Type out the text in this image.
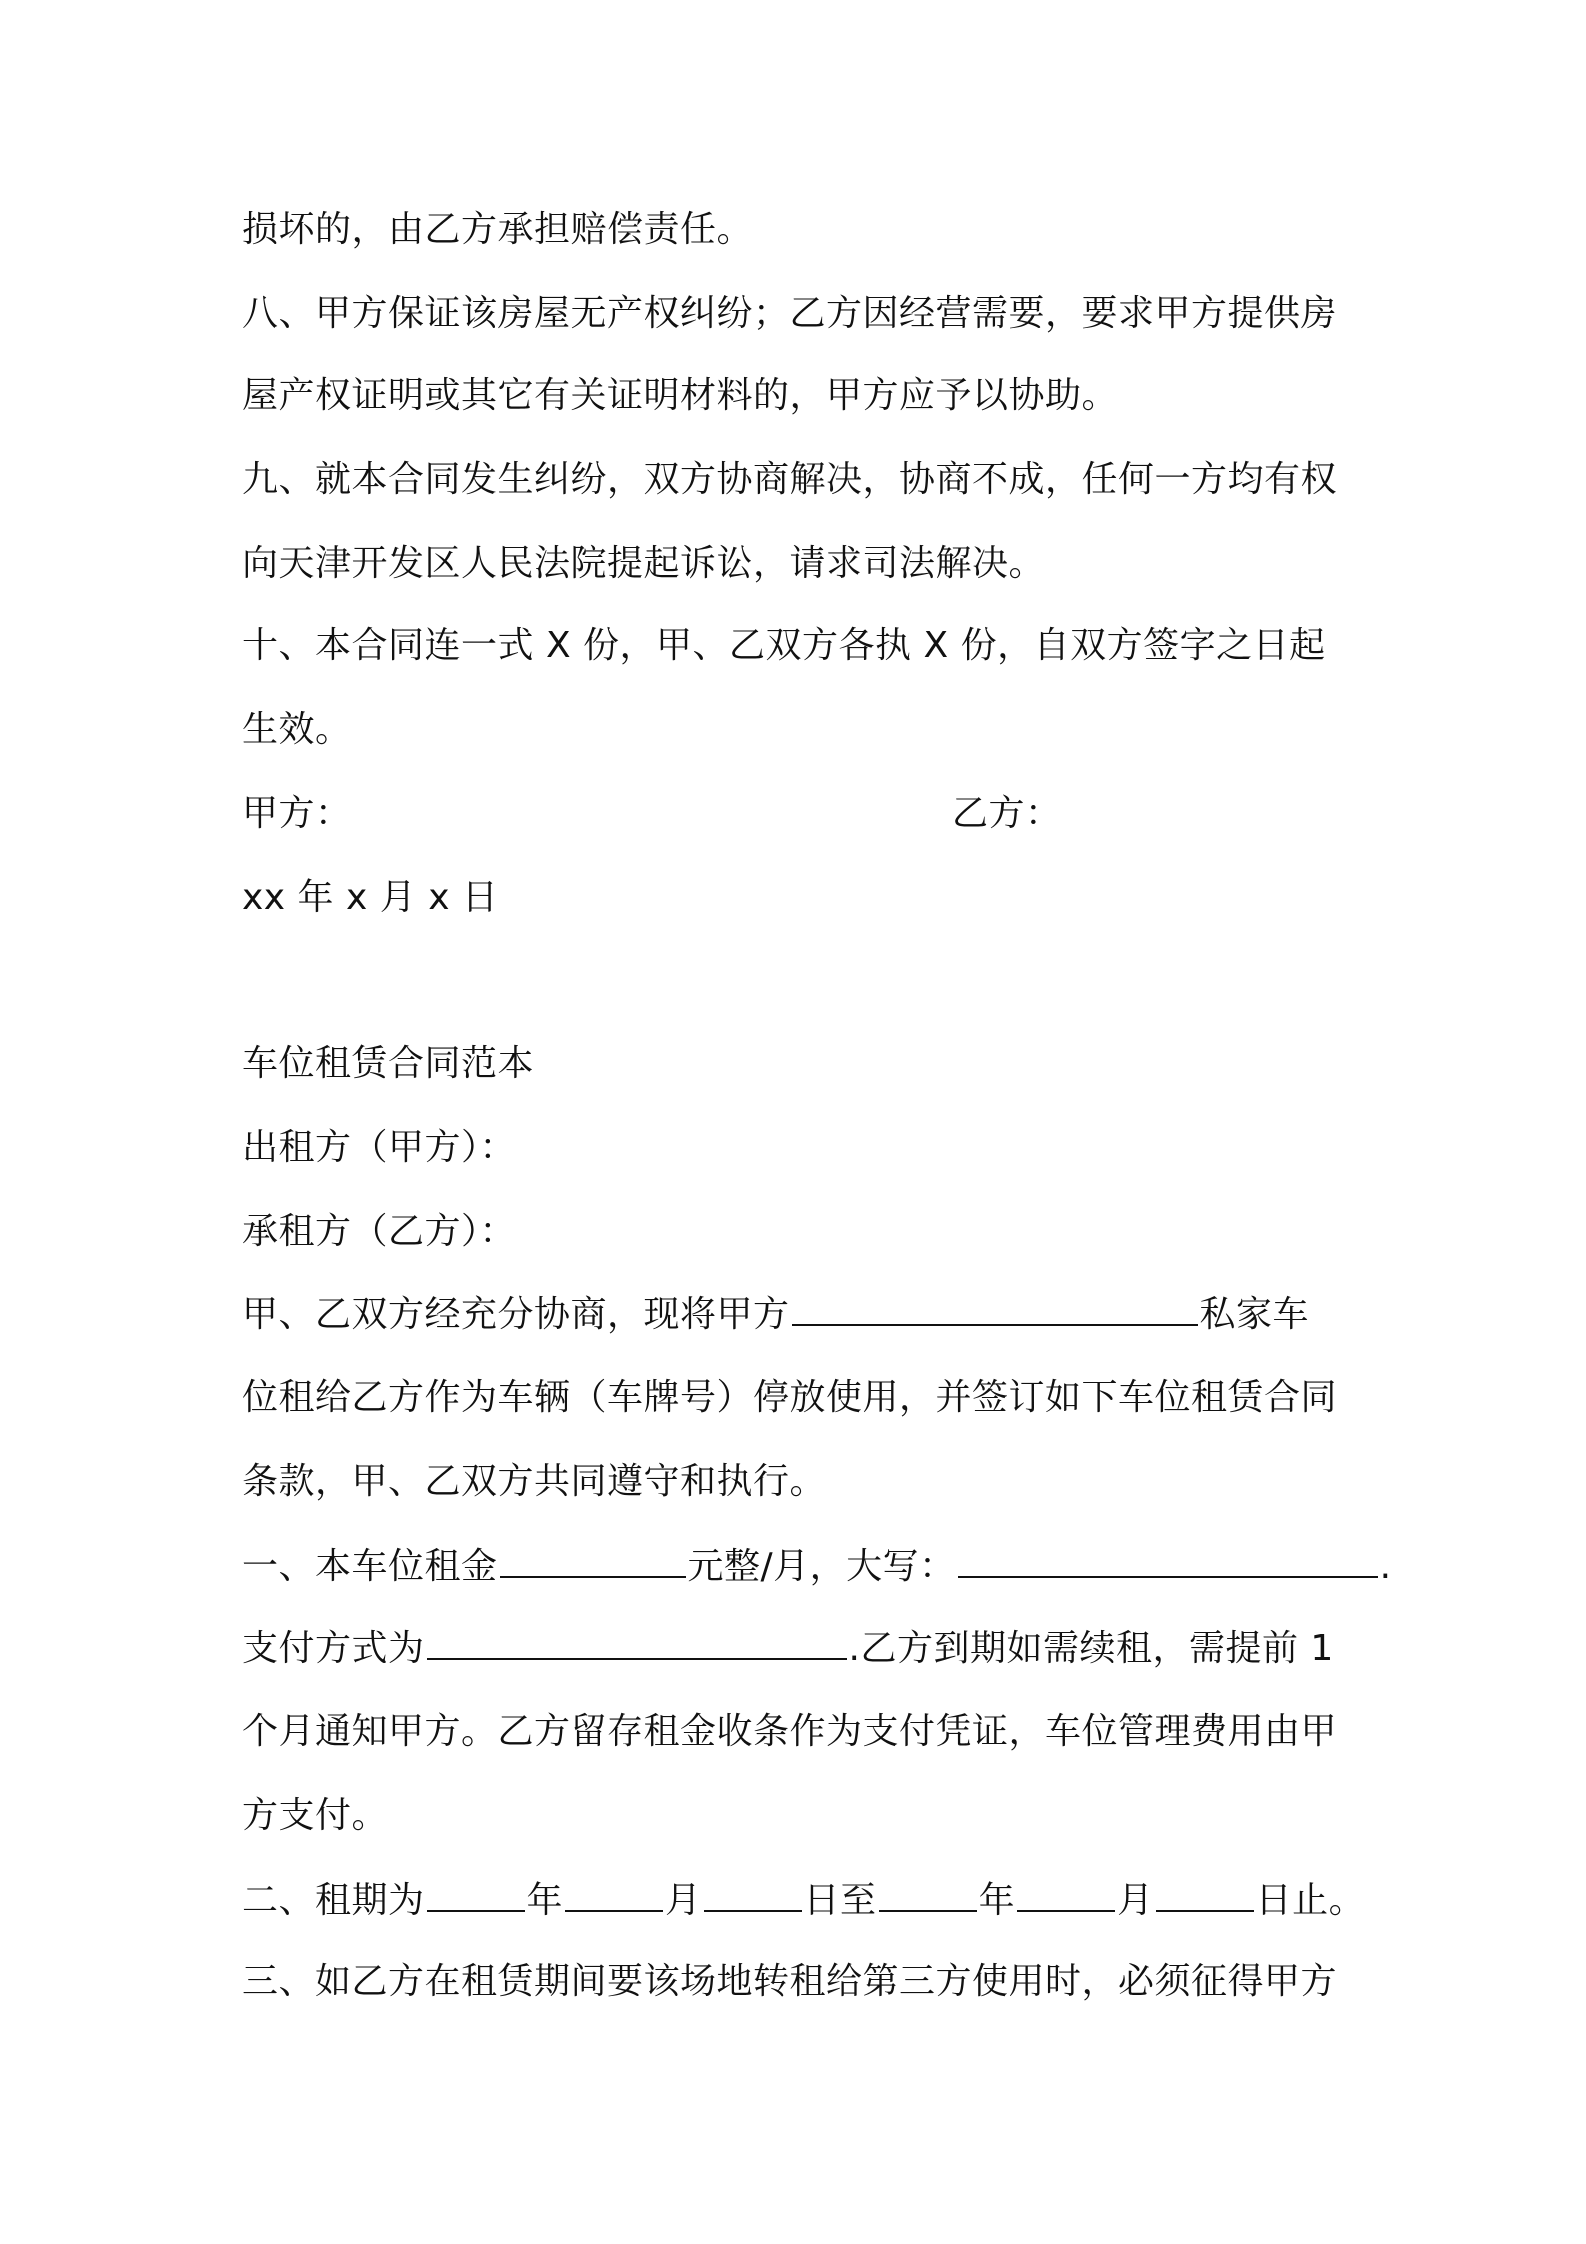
损坏的，由乙方承担赔偿责任。
八、甲方保证该房屋无产权纠纷；乙方因经营需要，要求甲方提供房
屋产权证明或其它有关证明材料的，甲方应予以协助。
九、就本合同发生纠纷，双方协商解决，协商不成，任何一方均有权
向天津开发区人民法院提起诉讼，请求司法解决。
十、本合同连一式 X 份，甲、乙双方各执 X 份，自双方签字之日起
生效。
甲方：	乙方：
xx 年 x 月 x 日
车位租赁合同范本
出租方（甲方）：
承租方（乙方）：
甲、乙双方经充分协商，现将甲方	私家车
位租给乙方作为车辆（车牌号）停放使用，并签订如下车位租赁合同
条款，甲、乙双方共同遵守和执行。
一、本车位租金	元整/月，大写：	.
支付方式为	.乙方到期如需续租，需提前 1
个月通知甲方。乙方留存租金收条作为支付凭证，车位管理费用由甲
方支付。
二、租期为	年	月	日至	年	月	日止。
三、如乙方在租赁期间要该场地转租给第三方使用时，必须征得甲方
